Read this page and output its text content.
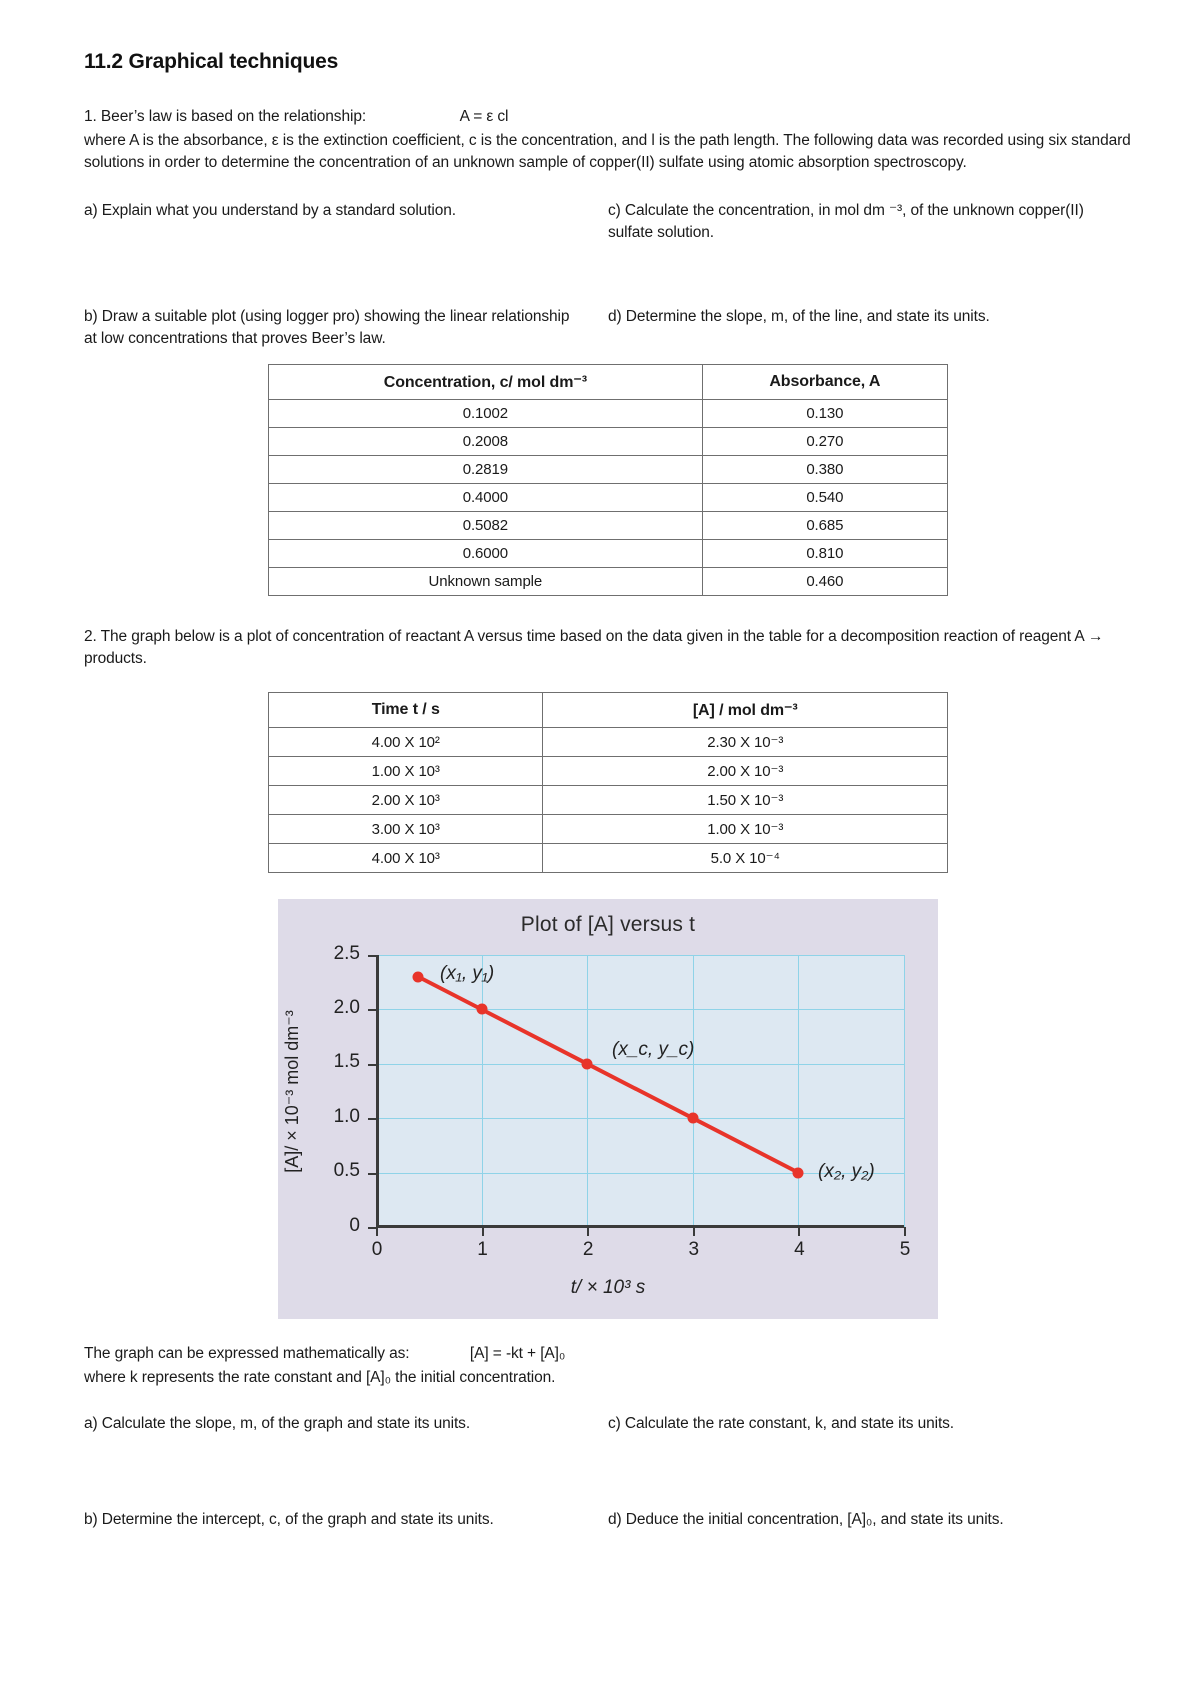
11.2 Graphical techniques

1. Beer’s law is based on the relationship:	A = ε cl

where A is the absorbance, ε is the extinction coefficient, c is the concentration, and l is the path length. The following data was recorded using six standard solutions in order to determine the concentration of an unknown sample of copper(II) sulfate using atomic absorption spectroscopy.

a) Explain what you understand by a standard solution.	c) Calculate the concentration, in mol dm ⁻³, of the unknown copper(II) sulfate solution.
b) Draw a suitable plot (using logger pro) showing the linear relationship at low concentrations that proves Beer’s law.
d) Determine the slope, m, of the line, and state its units.
Concentration, c/ mol dm⁻³	Absorbance, A
0.1002	0.130
0.2008	0.270
0.2819	0.380
0.4000	0.540
0.5082	0.685
0.6000	0.810
Unknown sample	0.460

2. The graph below is a plot of concentration of reactant A versus time based on the data given in the table for a decomposition reaction of reagent A → products.

Time t / s	[A] / mol dm⁻³
4.00 X 10²	2.30 X 10⁻³
1.00 X 10³	2.00 X 10⁻³
2.00 X 10³	1.50 X 10⁻³
3.00 X 10³	1.00 X 10⁻³
4.00 X 10³	5.0 X 10⁻⁴
Plot of [A] versus t
2.5
2.0
1.5
1.0
0.5
0
[A]/ × 10⁻³ mol dm⁻³
0	1	2	3	4	5
t/ × 10³ s
(x₁, y₁)
(x_c, y_c)
(x₂, y₂)
The graph can be expressed mathematically as:	[A] = -kt + [A]₀
where k represents the rate constant and [A]₀ the initial concentration.
a) Calculate the slope, m, of the graph and state its units.	c) Calculate the rate constant, k, and state its units.
b) Determine the intercept, c, of the graph and state its units.	d) Deduce the initial concentration, [A]₀, and state its units.
